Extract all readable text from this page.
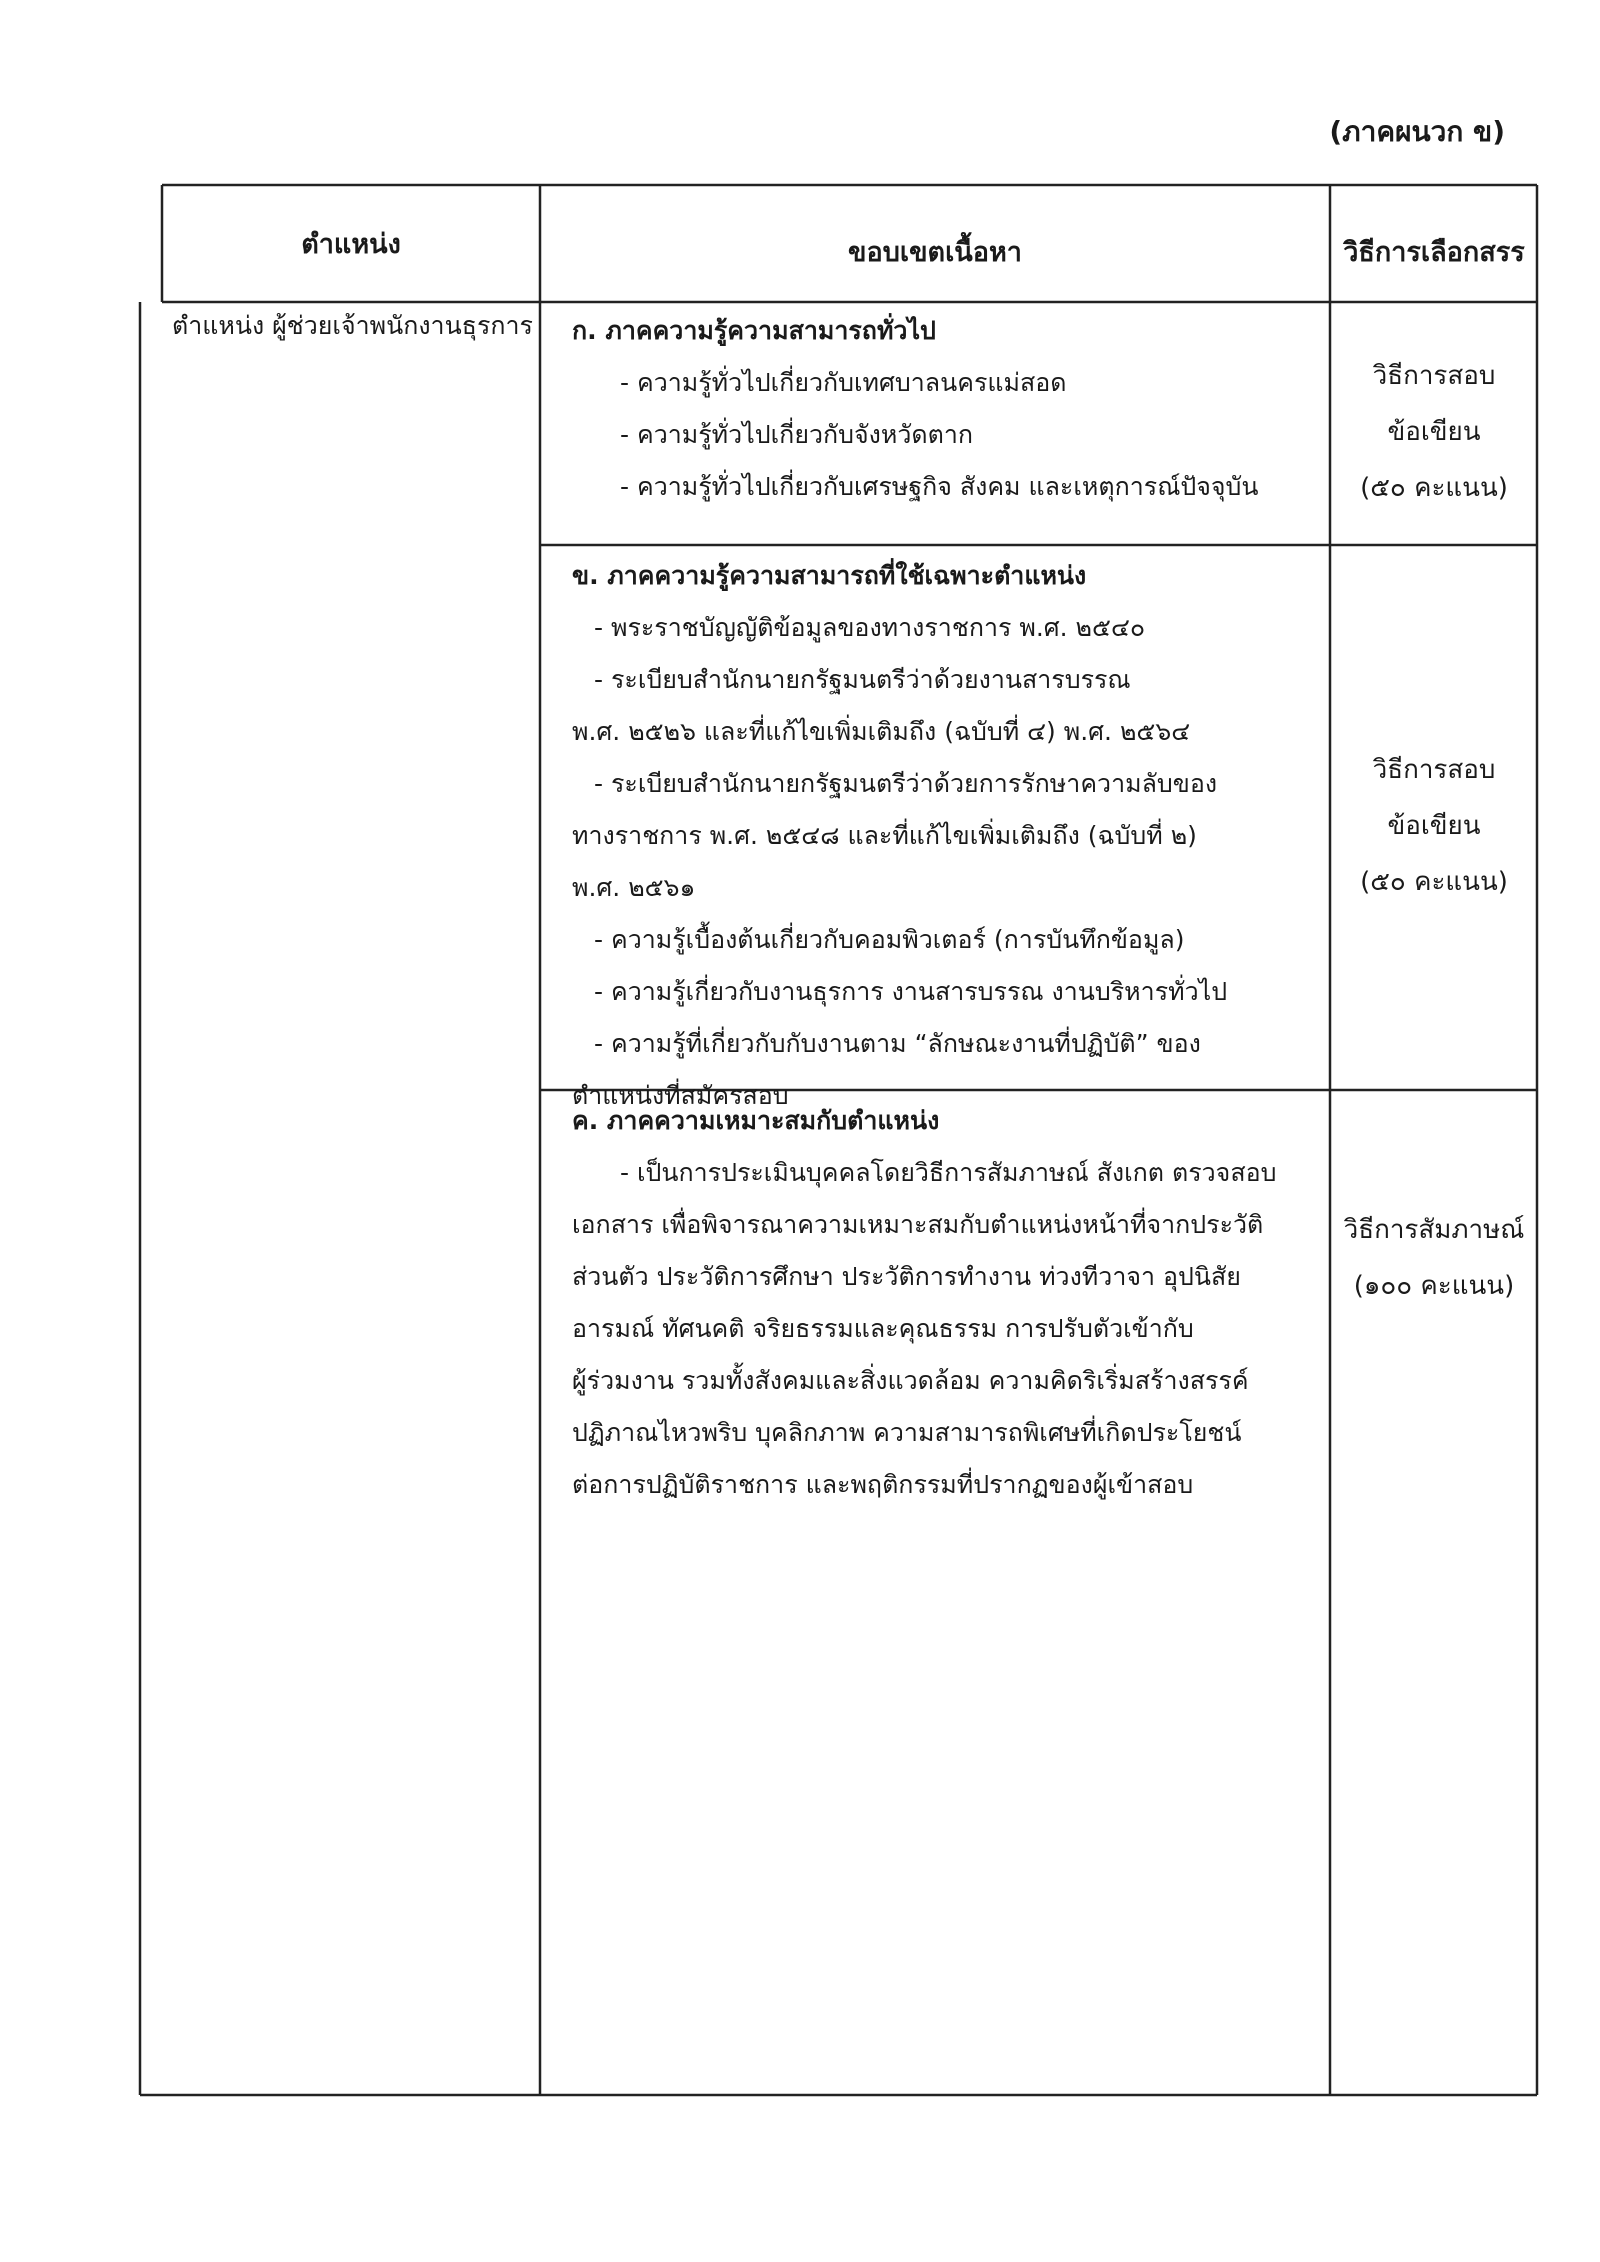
(ภาคผนวก ข)
ตำแหน่ง	ขอบเขตเนื้อหา	วิธีการเลือกสรร
ตำแหน่ง ผู้ช่วยเจ้าพนักงานธุรการ ก. ภาคความรู้ความสามารถทั่วไป
- ความรู้ทั่วไปเกี่ยวกับเทศบาลนครแม่สอด
- ความรู้ทั่วไปเกี่ยวกับจังหวัดตาก
- ความรู้ทั่วไปเกี่ยวกับเศรษฐกิจ สังคม และเหตุการณ์ปัจจุบัน
วิธีการสอบ
ข้อเขียน
(๕๐ คะแนน)
ข. ภาคความรู้ความสามารถที่ใช้เฉพาะตำแหน่ง
- พระราชบัญญัติข้อมูลของทางราชการ พ.ศ. ๒๕๔๐
- ระเบียบสำนักนายกรัฐมนตรีว่าด้วยงานสารบรรณ
พ.ศ. ๒๕๒๖ และที่แก้ไขเพิ่มเติมถึง (ฉบับที่ ๔) พ.ศ. ๒๕๖๔
- ระเบียบสำนักนายกรัฐมนตรีว่าด้วยการรักษาความลับของ
ทางราชการ พ.ศ. ๒๕๔๘ และที่แก้ไขเพิ่มเติมถึง (ฉบับที่ ๒)
พ.ศ. ๒๕๖๑
- ความรู้เบื้องต้นเกี่ยวกับคอมพิวเตอร์ (การบันทึกข้อมูล)
- ความรู้เกี่ยวกับงานธุรการ งานสารบรรณ งานบริหารทั่วไป
- ความรู้ที่เกี่ยวกับกับงานตาม “ลักษณะงานที่ปฏิบัติ” ของ
ตำแหน่งที่สมัครสอบ
วิธีการสอบ
ข้อเขียน
(๕๐ คะแนน)
ค. ภาคความเหมาะสมกับตำแหน่ง
- เป็นการประเมินบุคคลโดยวิธีการสัมภาษณ์ สังเกต ตรวจสอบ
เอกสาร เพื่อพิจารณาความเหมาะสมกับตำแหน่งหน้าที่จากประวัติ
ส่วนตัว ประวัติการศึกษา ประวัติการทำงาน ท่วงทีวาจา อุปนิสัย
อารมณ์ ทัศนคติ จริยธรรมและคุณธรรม การปรับตัวเข้ากับ
ผู้ร่วมงาน รวมทั้งสังคมและสิ่งแวดล้อม ความคิดริเริ่มสร้างสรรค์
ปฏิภาณไหวพริบ บุคลิกภาพ ความสามารถพิเศษที่เกิดประโยชน์
ต่อการปฏิบัติราชการ และพฤติกรรมที่ปรากฏของผู้เข้าสอบ
วิธีการสัมภาษณ์
(๑๐๐ คะแนน)
